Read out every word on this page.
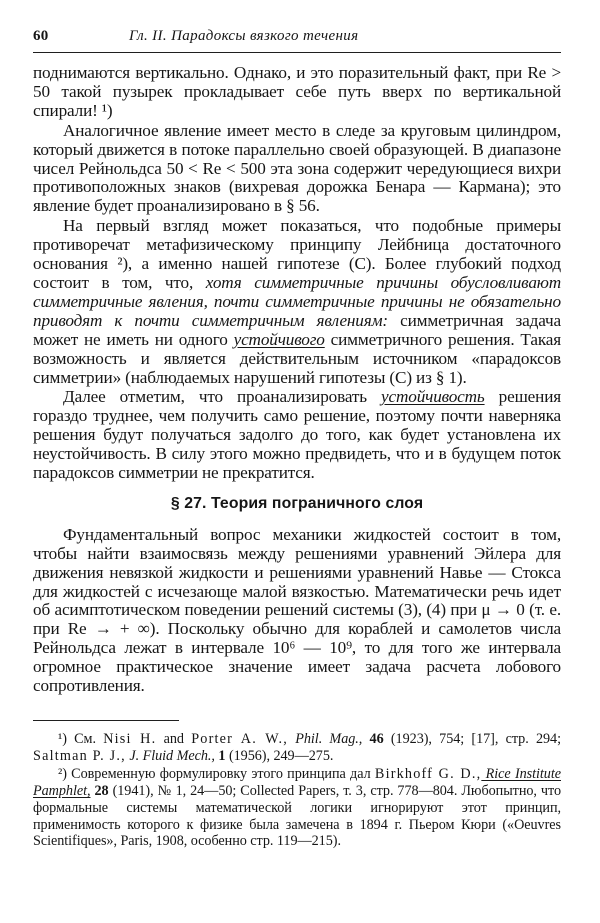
60	Гл. II. Парадоксы вязкого течения

поднимаются вертикально. Однако, и это поразительный факт, при Re > 50 такой пузырек прокладывает себе путь вверх по вертикальной спирали! ¹)

Аналогичное явление имеет место в следе за круговым цилиндром, который движется в потоке параллельно своей образующей. В диапазоне чисел Рейнольдса 50 < Re < 500 эта зона содержит чередующиеся вихри противоположных знаков (вихревая дорожка Бенара — Кармана); это явление будет проанализировано в § 56.

На первый взгляд может показаться, что подобные примеры противоречат метафизическому принципу Лейбница достаточного основания ²), а именно нашей гипотезе (С). Более глубокий подход состоит в том, что, хотя симметричные причины обусловливают симметричные явления, почти симметричные причины не обязательно приводят к почти симметричным явлениям: симметричная задача может не иметь ни одного устойчивого симметричного решения. Такая возможность и является действительным источником «парадоксов симметрии» (наблюдаемых нарушений гипотезы (С) из § 1).

Далее отметим, что проанализировать устойчивость решения гораздо труднее, чем получить само решение, поэтому почти наверняка решения будут получаться задолго до того, как будет установлена их неустойчивость. В силу этого можно предвидеть, что и в будущем поток парадоксов симметрии не прекратится.

§ 27. Теория пограничного слоя

Фундаментальный вопрос механики жидкостей состоит в том, чтобы найти взаимосвязь между решениями уравнений Эйлера для движения невязкой жидкости и решениями уравнений Навье — Стокса для жидкостей с исчезающе малой вязкостью. Математически речь идет об асимптотическом поведении решений системы (3), (4) при μ → 0 (т. е. при Re → + ∞). Поскольку обычно для кораблей и самолетов числа Рейнольдса лежат в интервале 10⁶ — 10⁹, то для того же интервала огромное практическое значение имеет задача расчета лобового сопротивления.

¹) См. Nisi H. and Porter A. W., Phil. Mag., 46 (1923), 754; [17], стр. 294; Saltman P. J., J. Fluid Mech., 1 (1956), 249—275.

²) Современную формулировку этого принципа дал Birkhoff G. D., Rice Institute Pamphlet, 28 (1941), № 1, 24—50; Collected Papers, т. 3, стр. 778—804. Любопытно, что формальные системы математической логики игнорируют этот принцип, применимость которого к физике была замечена в 1894 г. Пьером Кюри («Oeuvres Scientifiques», Paris, 1908, особенно стр. 119—215).
